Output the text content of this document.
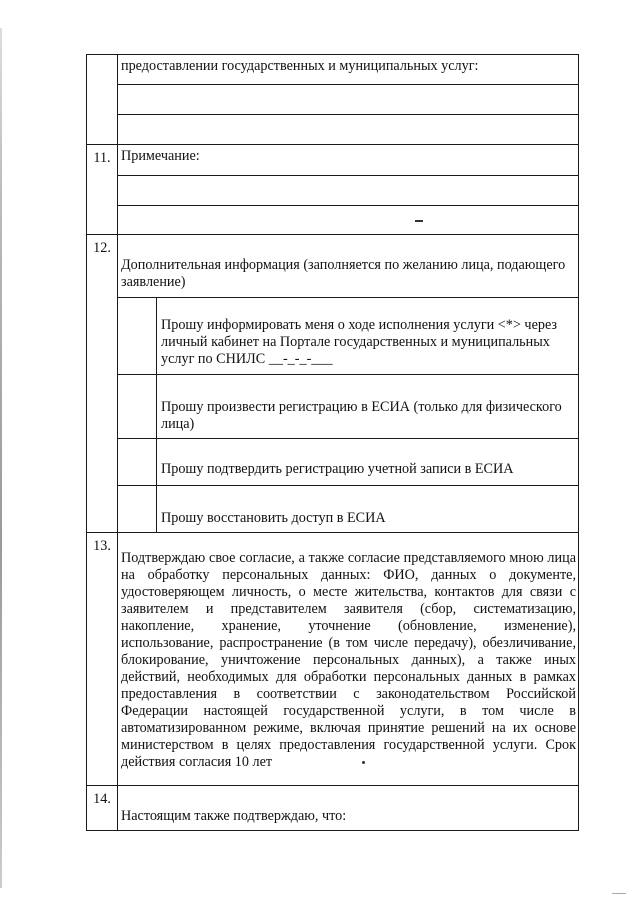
	предоставлении государственных и муниципальных услуг:

11.	Примечание:

12.	Дополнительная информация (заполняется по желанию лица, подающего заявление)

	Прошу информировать меня о ходе исполнения услуги <*> через личный кабинет на Портале государственных и муниципальных услуг по СНИЛС __-_-_-___
	Прошу произвести регистрацию в ЕСИА (только для физического лица)
	Прошу подтвердить регистрацию учетной записи в ЕСИА
	Прошу восстановить доступ в ЕСИА

13.	Подтверждаю свое согласие, а также согласие представляемого мною лица на обработку персональных данных: ФИО, данных о документе, удостоверяющем личность, о месте жительства, контактов для связи с заявителем и представителем заявителя (сбор, систематизацию, накопление, хранение, уточнение (обновление, изменение), использование, распространение (в том числе передачу), обезличивание, блокирование, уничтожение персональных данных), а также иных действий, необходимых для обработки персональных данных в рамках предоставления в соответствии с законодательством Российской Федерации настоящей государственной услуги, в том числе в автоматизированном режиме, включая принятие решений на их основе министерством в целях предоставления государственной услуги. Срок действия согласия 10 лет
14.	Настоящим также подтверждаю, что:
